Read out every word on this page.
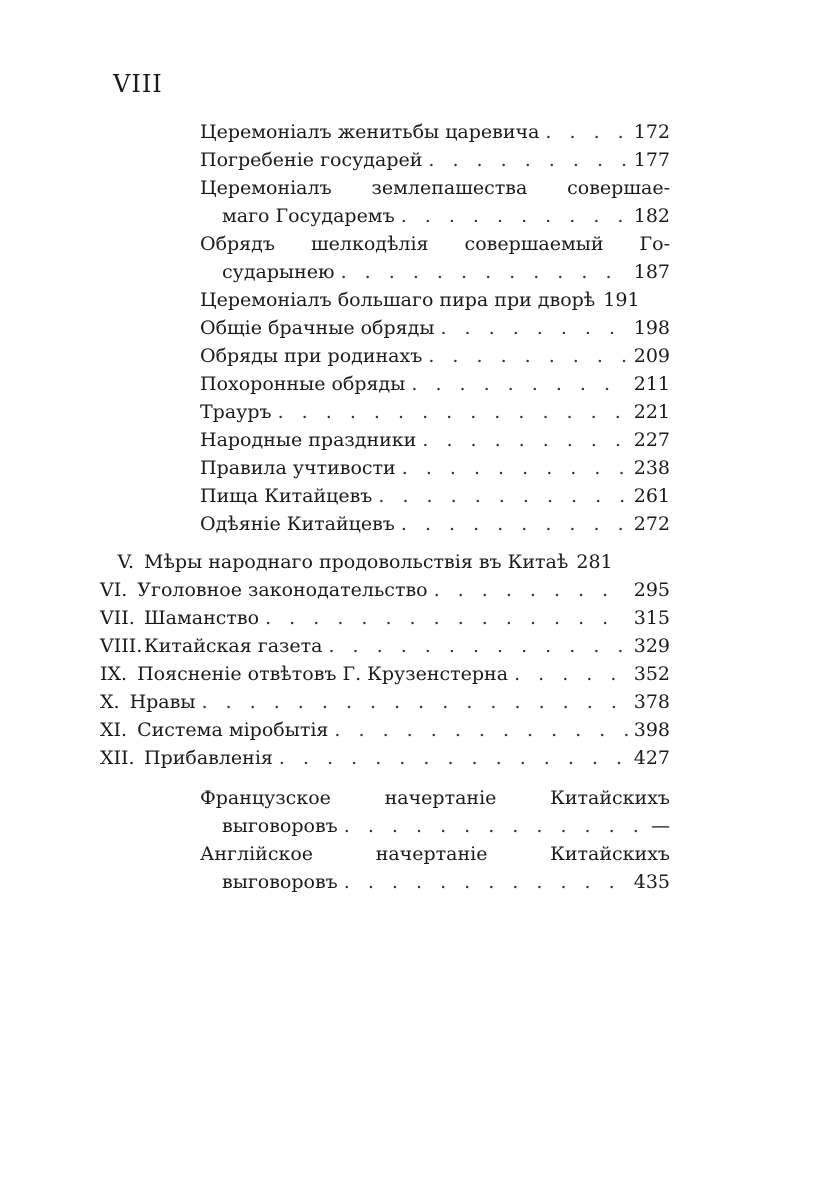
VIII
Церемоніалъ женитьбы царевича . . .	172
Погребеніе государей . . .	177
Церемоніалъ землепашества совершае-
маго Государемъ . . .	182
Обрядъ шелкодѣлія совершаемый Го-
сударынею . . .	187
Церемоніалъ большаго пира при дворѣ 191
Общіе брачные обряды . . .	198
Обряды при родинахъ . . .	209
Похоронные обряды . . .	211
Трауръ . . .	221
Народные праздники . . .	227
Правила учтивости . . .	238
Пища Китайцевъ . . .	261
Одѣяніе Китайцевъ . . .	272
V. Мѣры народнаго продовольствія въ Китаѣ 281
VI. Уголовное законодательство . . .	295
VII. Шаманство . . .	315
VIII. Китайская газета . . .	329
IX. Поясненіе отвѣтовъ Г. Крузенстерна . . .	352
X. Нравы . . .	378
XI. Система міробытія . . .	398
XII. Прибавленія . . .	427
Французское начертаніе Китайскихъ
выговоровъ . . .	—
Англійское начертаніе Китайскихъ
выговоровъ . . .	435
